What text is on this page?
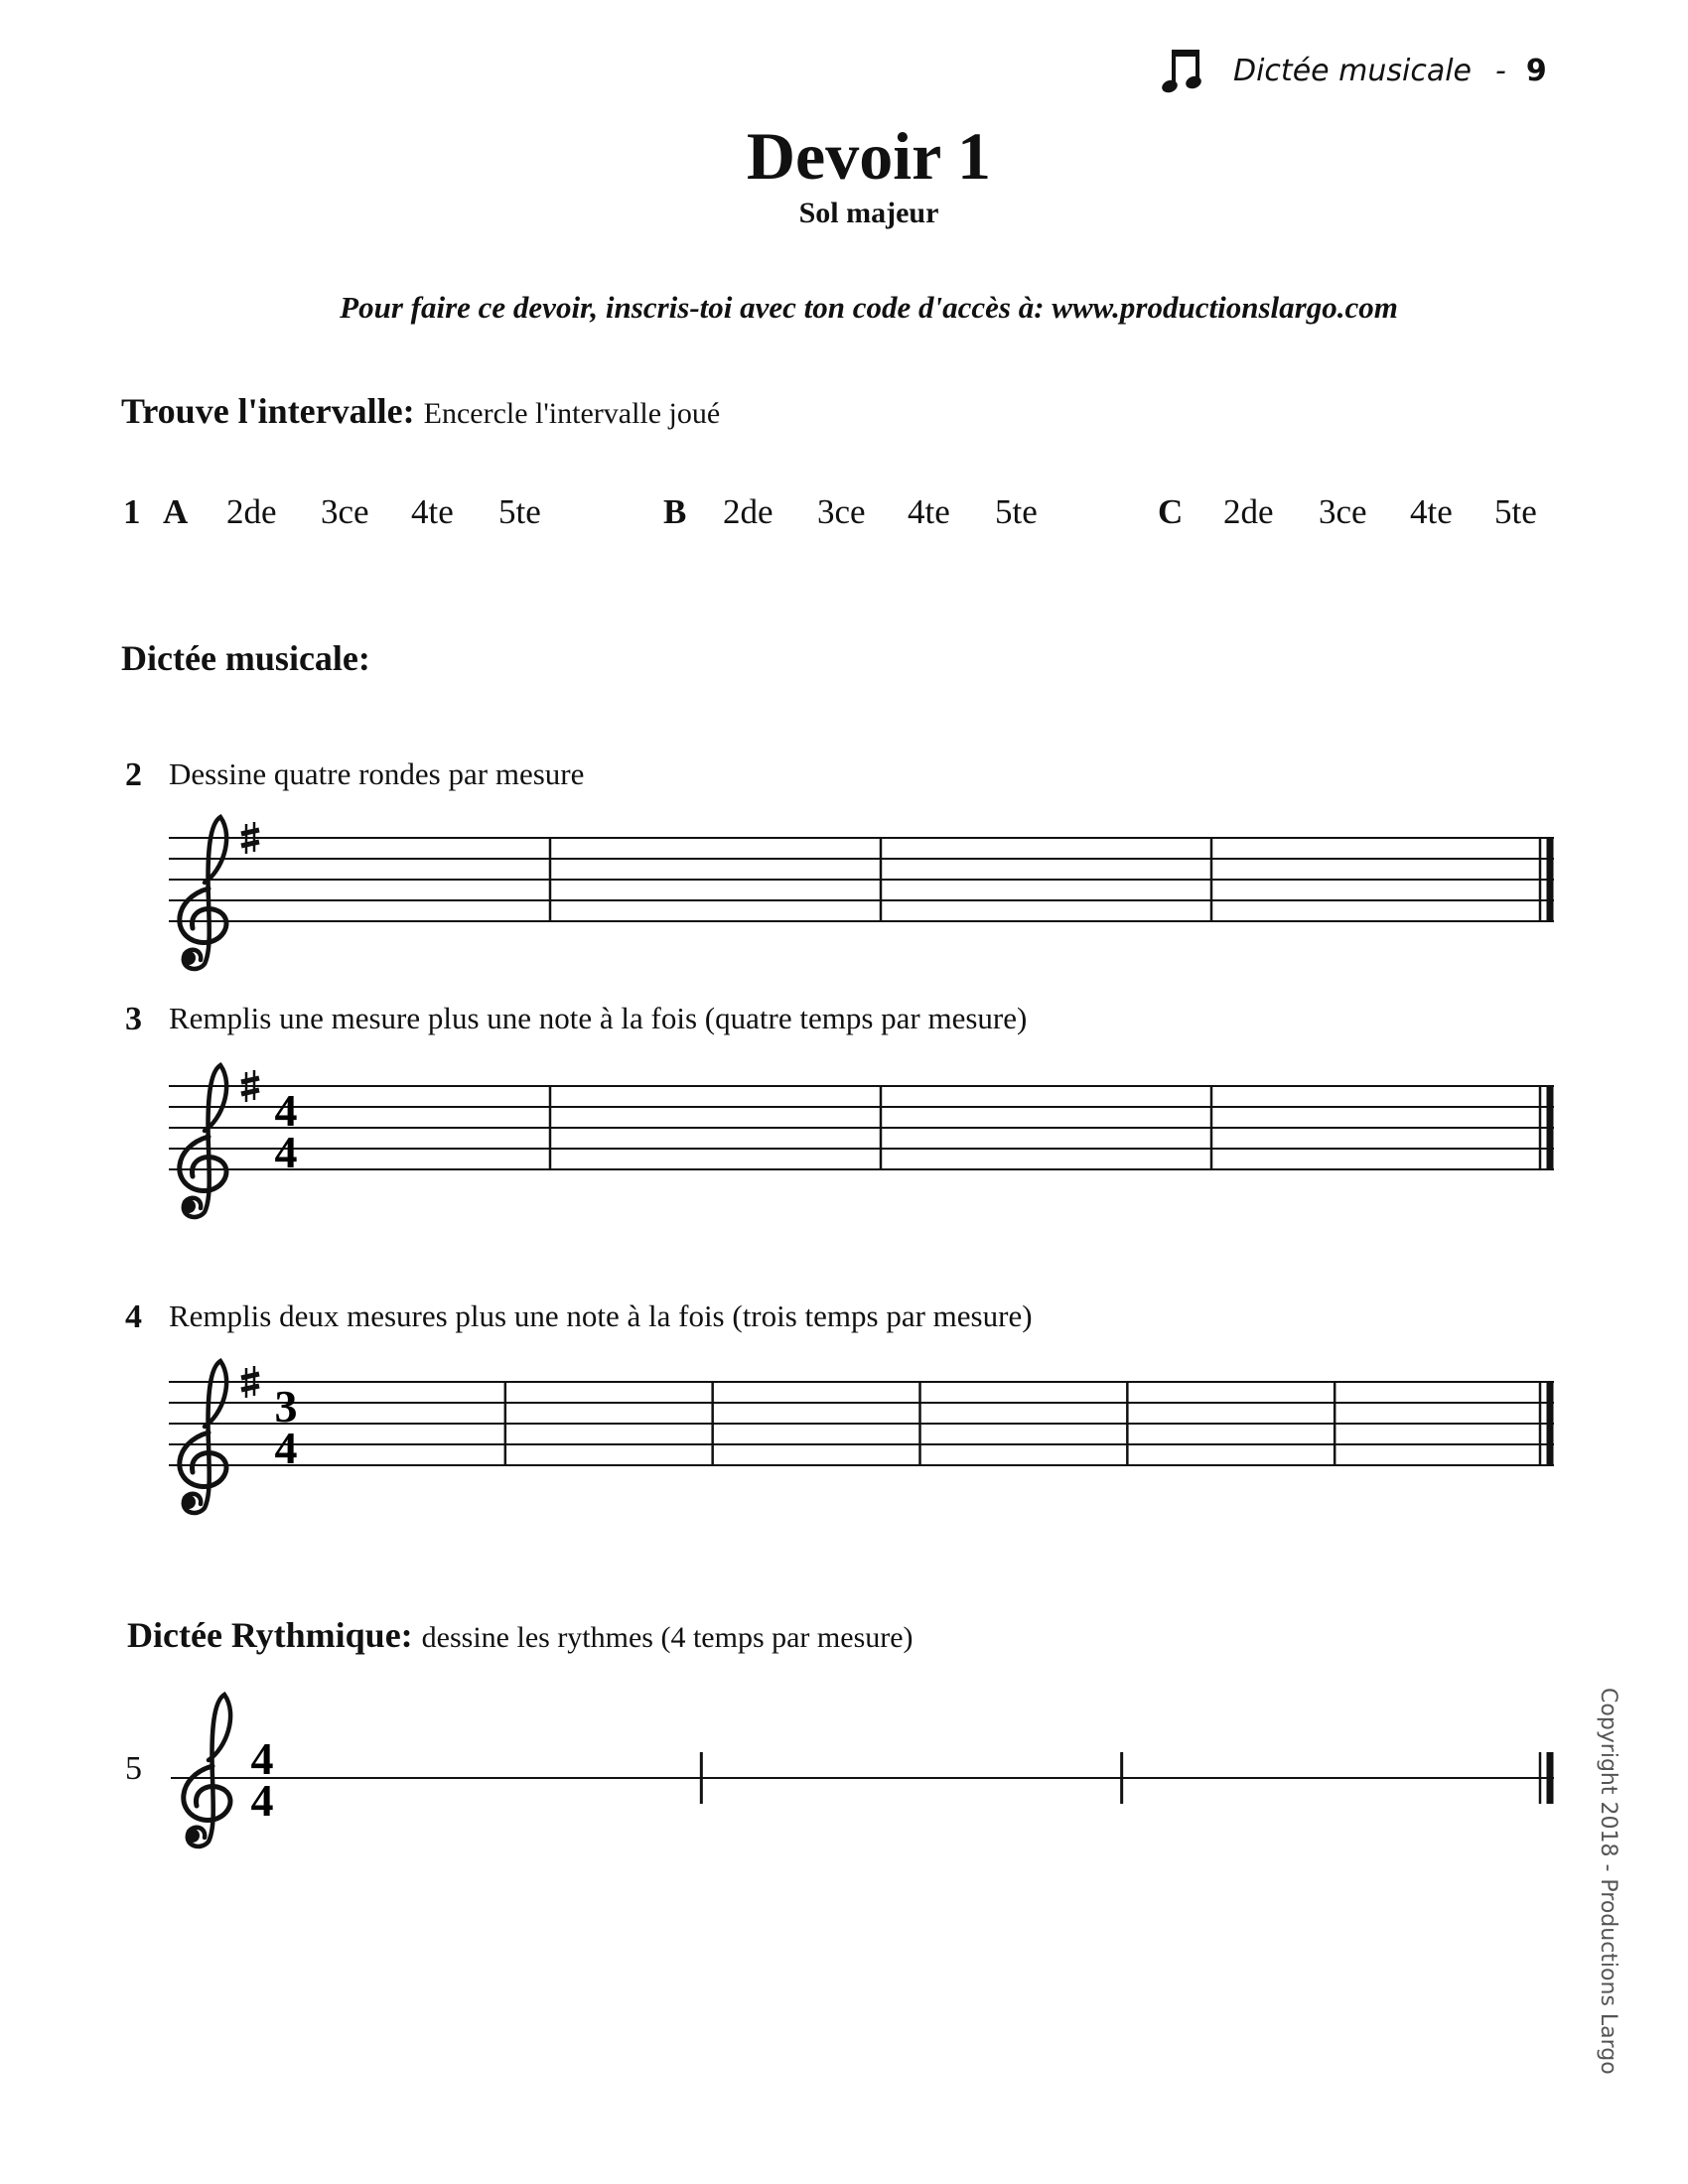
Dictée musicale - 9
Devoir 1
Sol majeur
Pour faire ce devoir, inscris-toi avec ton code d'accès à: www.productionslargo.com
Trouve l'intervalle: Encercle l'intervalle joué
1 A 2de 3ce 4te 5te	B 2de 3ce 4te 5te	C 2de 3ce 4te 5te
Dictée musicale:
2 Dessine quatre rondes par mesure
3 Remplis une mesure plus une note à la fois (quatre temps par mesure)
4 Remplis deux mesures plus une note à la fois (trois temps par mesure)
Dictée Rythmique: dessine les rythmes (4 temps par mesure)
5
4
4
3
4
4
4	Copyright 2018 - Productions Largo
